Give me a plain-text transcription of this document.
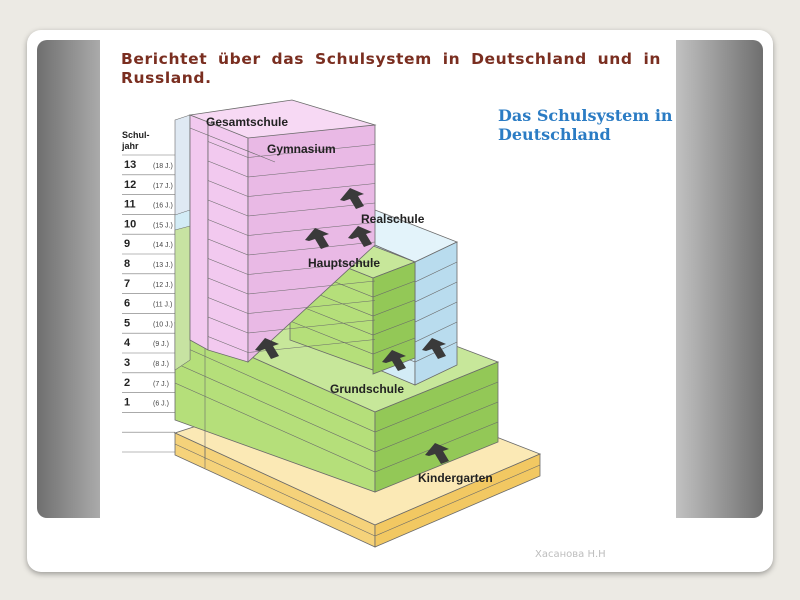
Berichtet über das Schulsystem in Deutschland und in Russland.

Das Schulsystem in Deutschland

Schul-
jahr

13 (18 J.)
12 (17 J.)
11 (16 J.)
10 (15 J.)
9	(14 J.)
8	(13 J.)
7	(12 J.)
6	(11 J.)
5	(10 J.)
4	(9 J.)
3	(8 J.)
2	(7 J.)
1	(6 J.)
Gesamtschule
Gymnasium
Realschule
Hauptschule
Grundschule
Kindergarten
Хасанова Н.Н
